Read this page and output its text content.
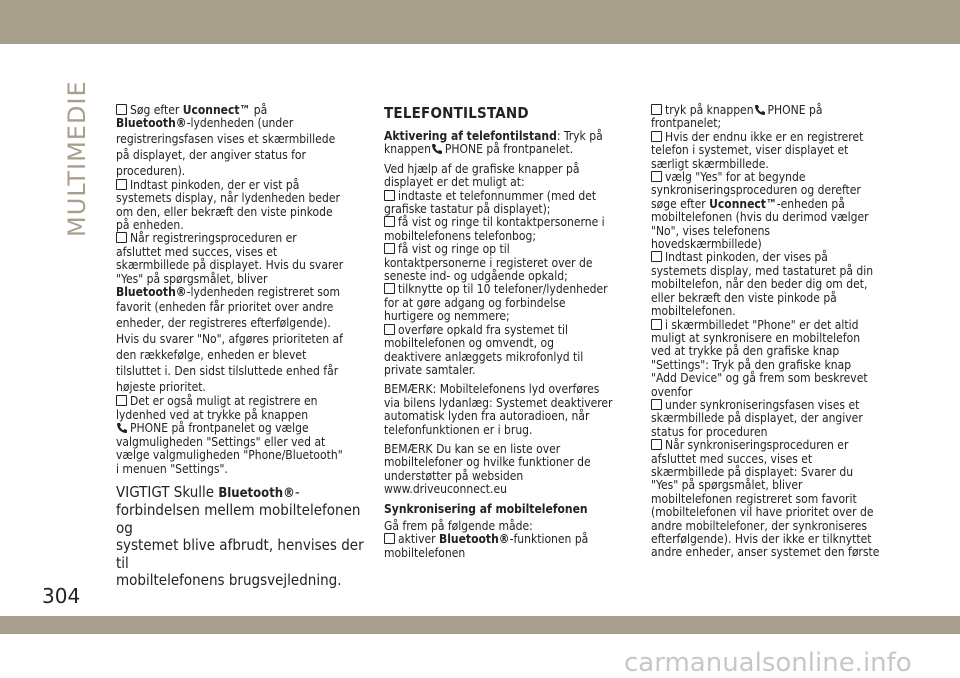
MULTIMEDIE	Søg efter Uconnect™ på

Bluetooth®-lydenheden (under

registreringsfasen vises et skærmbillede

på displayet, der angiver status for

proceduren).

Indtast pinkoden, der er vist på

systemets display, når lydenheden beder

om den, eller bekræft den viste pinkode

på enheden.

Når registreringsproceduren er

afsluttet med succes, vises et

skærmbillede på displayet. Hvis du svarer

"Yes" på spørgsmålet, bliver

Bluetooth®-lydenheden registreret som

favorit (enheden får prioritet over andre

enheder, der registreres efterfølgende).

Hvis du svarer "No", afgøres prioriteten af

den rækkefølge, enheden er blevet

tilsluttet i. Den sidst tilsluttede enhed får

højeste prioritet.

Det er også muligt at registrere en

lydenhed ved at trykke på knappen

PHONE på frontpanelet og vælge

valgmuligheden "Settings" eller ved at

vælge valgmuligheden "Phone/Bluetooth"

i menuen "Settings".

VIGTIGT Skulle Bluetooth®-
forbindelsen mellem mobiltelefonen og
systemet blive afbrudt, henvises der til
mobiltelefonens brugsvejledning.

TELEFONTILSTAND

Aktivering af telefontilstand: Tryk på

knappen PHONE på frontpanelet.

Ved hjælp af de grafiske knapper på

displayet er det muligt at:

indtaste et telefonnummer (med det

grafiske tastatur på displayet);

få vist og ringe til kontaktpersonerne i

mobiltelefonens telefonbog;

få vist og ringe op til

kontaktpersonerne i registeret over de

seneste ind- og udgående opkald;

tilknytte op til 10 telefoner/lydenheder

for at gøre adgang og forbindelse

hurtigere og nemmere;

overføre opkald fra systemet til

mobiltelefonen og omvendt, og

deaktivere anlæggets mikrofonlyd til

private samtaler.

BEMÆRK: Mobiltelefonens lyd overføres

via bilens lydanlæg: Systemet deaktiverer

automatisk lyden fra autoradioen, når

telefonfunktionen er i brug.

BEMÆRK Du kan se en liste over

mobiltelefoner og hvilke funktioner de

understøtter på websiden

www.driveuconnect.eu

Synkronisering af mobiltelefonen

Gå frem på følgende måde:

aktiver Bluetooth®-funktionen på

mobiltelefonen

tryk på knappen PHONE på

frontpanelet;

Hvis der endnu ikke er en registreret

telefon i systemet, viser displayet et

særligt skærmbillede.

vælg "Yes" for at begynde

synkroniseringsproceduren og derefter

søge efter Uconnect™-enheden på

mobiltelefonen (hvis du derimod vælger

"No", vises telefonens

hovedskærmbillede)

Indtast pinkoden, der vises på

systemets display, med tastaturet på din

mobiltelefon, når den beder dig om det,

eller bekræft den viste pinkode på

mobiltelefonen.

i skærmbilledet "Phone" er det altid

muligt at synkronisere en mobiltelefon

ved at trykke på den grafiske knap

"Settings": Tryk på den grafiske knap

"Add Device" og gå frem som beskrevet

ovenfor

under synkroniseringsfasen vises et

skærmbillede på displayet, der angiver

status for proceduren

Når synkroniseringsproceduren er

afsluttet med succes, vises et

skærmbillede på displayet: Svarer du

"Yes" på spørgsmålet, bliver

mobiltelefonen registreret som favorit

(mobiltelefonen vil have prioritet over de

andre mobiltelefoner, der synkroniseres

efterfølgende). Hvis der ikke er tilknyttet

andre enheder, anser systemet den første

304
carmanualsonline.info
